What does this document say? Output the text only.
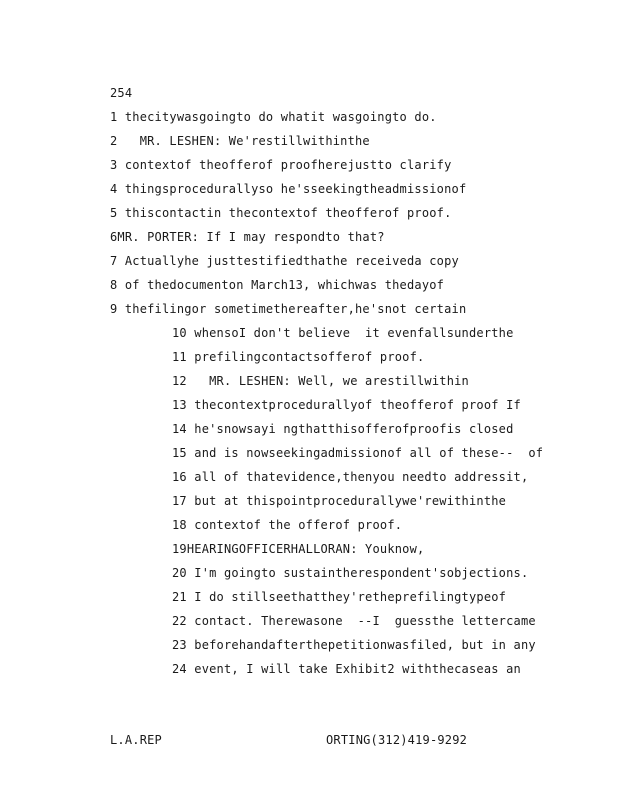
254
1 thecitywasgoingto do whatit wasgoingto do.
2   MR. LESHEN: We'restillwithinthe
3 contextof theofferof proofherejustto clarify
4 thingsprocedurallyso he'sseekingtheadmissionof
5 thiscontactin thecontextof theofferof proof.
6MR. PORTER: If I may respondto that?
7 Actuallyhe justtestifiedthathe receiveda copy
8 of thedocumenton March13, whichwas thedayof
9 thefilingor sometimethereafter,he'snot certain
10 whensoI don't believe  it evenfallsunderthe
11 prefilingcontactsofferof proof.
12   MR. LESHEN: Well, we arestillwithin
13 thecontextprocedurallyof theofferof proof If
14 he'snowsayi ngthatthisofferofproofis closed
15 and is nowseekingadmissionof all of these--  of
16 all of thatevidence,thenyou needto addressit,
17 but at thispointprocedurallywe'rewithinthe
18 contextof the offerof proof.
19HEARINGOFFICERHALLORAN: Youknow,
20 I'm goingto sustaintherespondent'sobjections.
21 I do stillseethatthey'retheprefilingtypeof
22 contact. Therewasone  --I  guessthe lettercame
23 beforehandafterthepetitionwasfiled, but in any
24 event, I will take Exhibit2 withthecaseas an
L.A.REP	ORTING(312)419-9292
